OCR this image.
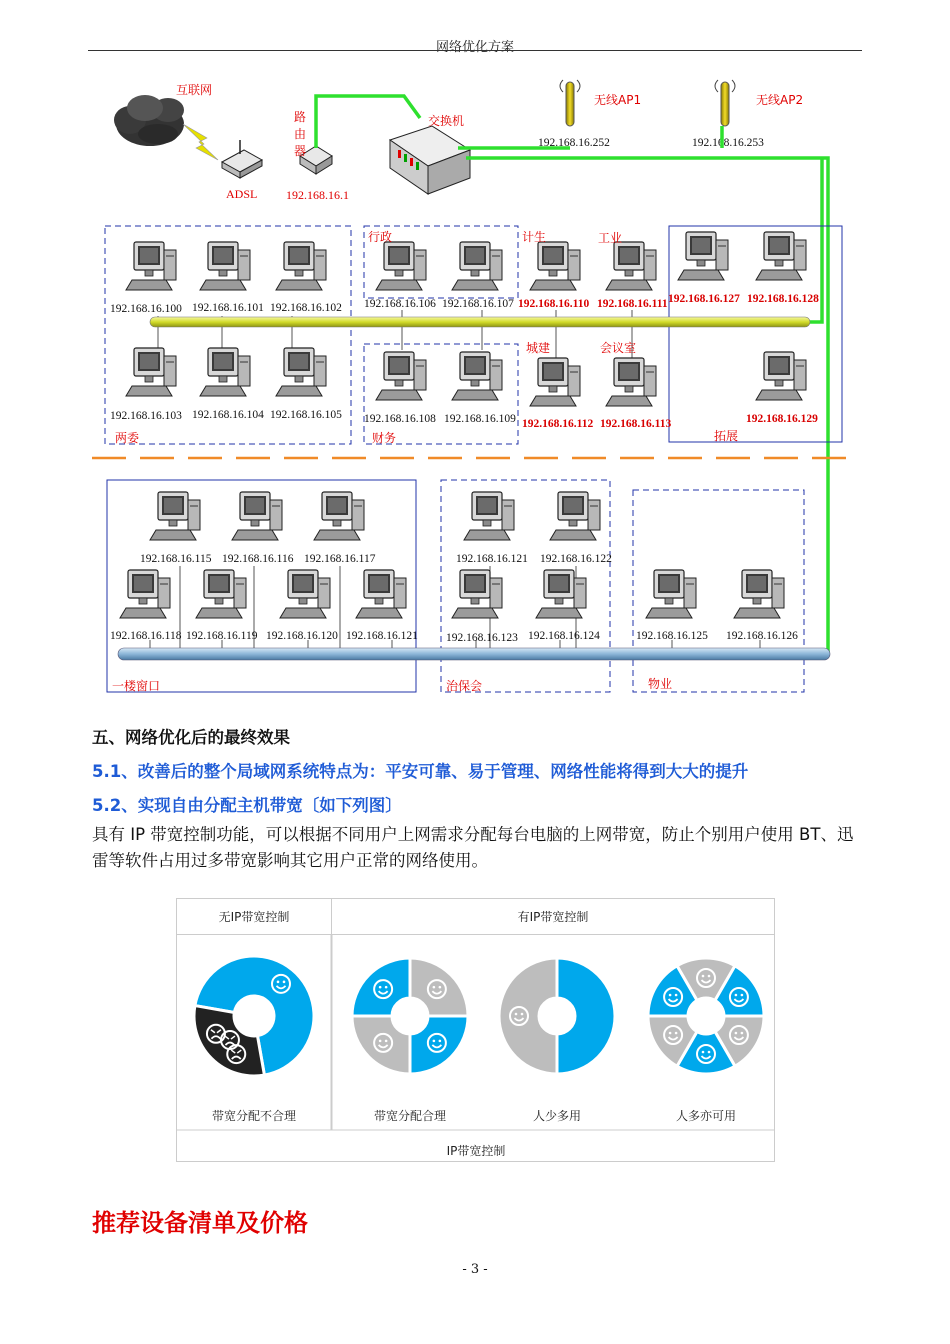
网络优化方案
互联网
ADSL
路
由
器
192.168.16.1
交换机
无线AP1
192.168.16.252
无线AP2
192.168.16.253
192.168.16.100 192.168.16.101 192.168.16.102
192.168.16.103 192.168.16.104 192.168.16.105
192.168.16.106 192.168.16.107
192.168.16.108 192.168.16.109
192.168.16.110 192.168.16.111
192.168.16.112 192.168.16.113
192.168.16.127 192.168.16.128
192.168.16.129
192.168.16.115 192.168.16.116 192.168.16.117
192.168.16.118 192.168.16.119 192.168.16.120 192.168.16.121
192.168.16.121 192.168.16.122
192.168.16.123 192.168.16.124	192.168.16.125 192.168.16.126
两委
行政
财务
计生	工业
城建	会议室
拓展
一楼窗口	治保会	物业
五、网络优化后的最终效果
5.1、改善后的整个局域网系统特点为：平安可靠、易于管理、网络性能将得到大大的提升
5.2、实现自由分配主机带宽〔如下列图〕
具有 IP 带宽控制功能，可以根据不同用户上网需求分配每台电脑的上网带宽，防止个别用户使用 BT、迅雷等软件占用过多带宽影响其它用户正常的网络使用。
无IP带宽控制	有IP带宽控制
带宽分配不合理	带宽分配合理	人少多用	人多亦可用
IP带宽控制
推荐设备清单及价格
- 3 -
